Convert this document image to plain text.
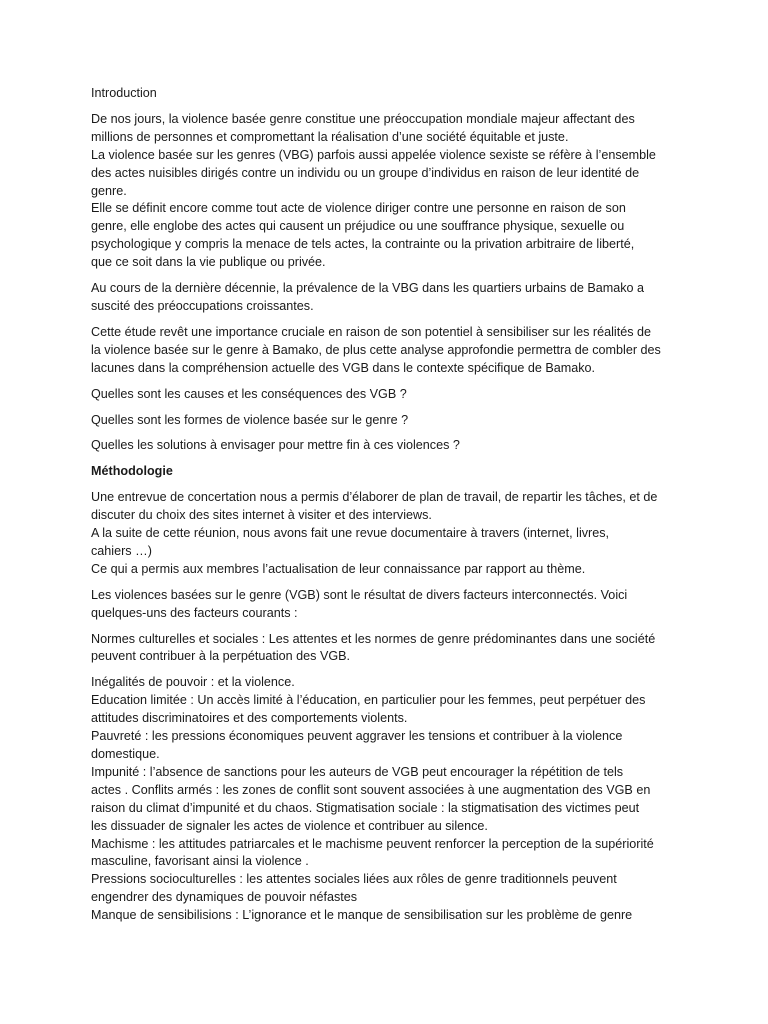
Introduction
De nos jours, la violence basée genre constitue une préoccupation mondiale majeur affectant des
millions de personnes et compromettant la réalisation d’une société équitable et juste.
La violence basée sur les genres (VBG) parfois aussi appelée violence sexiste se réfère à l’ensemble
des actes nuisibles dirigés contre un individu ou un groupe d’individus en raison de leur identité de
genre.
Elle se définit encore comme tout acte de violence diriger contre une personne en raison de son
genre, elle englobe des actes qui causent un préjudice ou une souffrance physique, sexuelle ou
psychologique y compris la menace de tels actes, la contrainte ou la privation arbitraire de liberté,
que ce soit dans la vie publique ou privée.
Au cours de la dernière décennie, la prévalence de la VBG dans les quartiers urbains de Bamako a
suscité des préoccupations croissantes.
Cette étude revêt une importance cruciale en raison de son potentiel à sensibiliser sur les réalités de
la violence basée sur le genre à Bamako, de plus cette analyse approfondie permettra de combler des
lacunes dans la compréhension actuelle des VGB dans le contexte spécifique de Bamako.
Quelles sont les causes et les conséquences des VGB ?
Quelles sont les formes de violence basée sur le genre ?
Quelles les solutions à envisager pour mettre fin à ces violences ?
Méthodologie
Une entrevue de concertation nous a permis d’élaborer de plan de travail, de repartir les tâches, et de
discuter du choix des sites internet à visiter et des interviews.
A la suite de cette réunion, nous avons fait une revue documentaire à travers (internet, livres,
cahiers …)
Ce qui a permis aux membres l’actualisation de leur connaissance par rapport au thème.
Les violences basées sur le genre (VGB) sont le résultat de divers facteurs interconnectés. Voici
quelques-uns des facteurs courants :
Normes culturelles et sociales : Les attentes et les normes de genre prédominantes dans une société
peuvent contribuer à la perpétuation des VGB.
Inégalités de pouvoir : et la violence.
Education limitée : Un accès limité à l’éducation, en particulier pour les femmes, peut perpétuer des
attitudes discriminatoires et des comportements violents.
Pauvreté : les pressions économiques peuvent aggraver les tensions et contribuer à la violence
domestique.
Impunité : l’absence de sanctions pour les auteurs de VGB peut encourager la répétition de tels
actes . Conflits armés : les zones de conflit sont souvent associées à une augmentation des VGB en
raison du climat d’impunité et du chaos. Stigmatisation sociale : la stigmatisation des victimes peut
les dissuader de signaler les actes de violence et contribuer au silence.
Machisme : les attitudes patriarcales et le machisme peuvent renforcer la perception de la supériorité
masculine, favorisant ainsi la violence .
Pressions socioculturelles : les attentes sociales liées aux rôles de genre traditionnels peuvent
engendrer des dynamiques de pouvoir néfastes
Manque de sensibilisions : L’ignorance et le manque de sensibilisation sur les problème de genre
